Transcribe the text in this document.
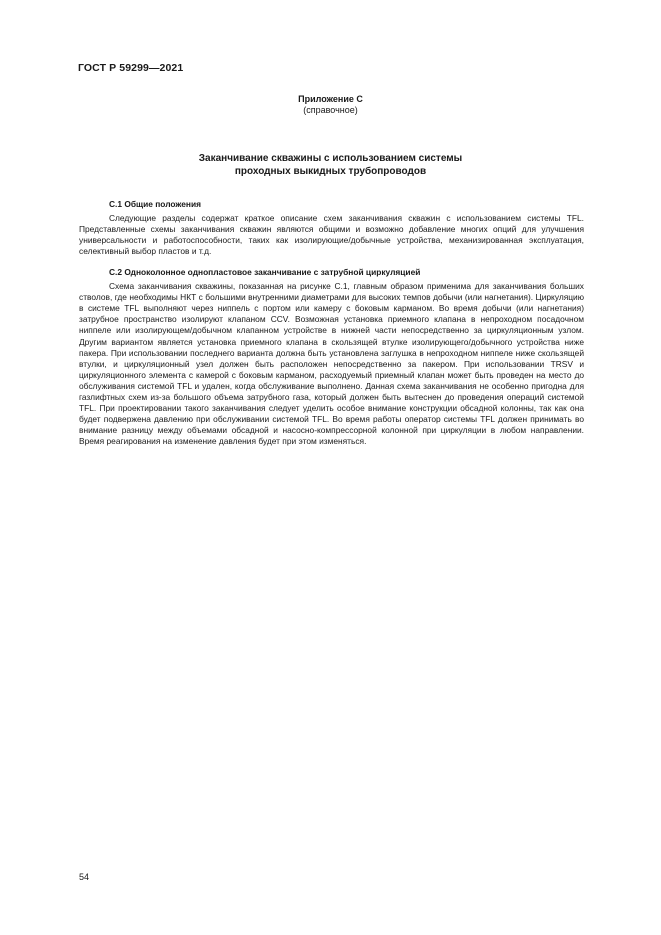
ГОСТ Р 59299—2021
Приложение С
(справочное)
Заканчивание скважины с использованием системы
проходных выкидных трубопроводов
С.1 Общие положения

Следующие разделы содержат краткое описание схем заканчивания скважин с использованием системы TFL. Представленные схемы заканчивания скважин являются общими и возможно добавление многих опций для улучшения универсальности и работоспособности, таких как изолирующие/добычные устройства, механизированная эксплуатация, селективный выбор пластов и т.д.

С.2 Одноколонное однопластовое заканчивание с затрубной циркуляцией

Схема заканчивания скважины, показанная на рисунке С.1, главным образом применима для заканчивания больших стволов, где необходимы НКТ с большими внутренними диаметрами для высоких темпов добычи (или нагнетания). Циркуляцию в системе TFL выполняют через ниппель с портом или камеру с боковым карманом. Во время добычи (или нагнетания) затрубное пространство изолируют клапаном CCV. Возможная установка приемного клапана в непроходном посадочном ниппеле или изолирующем/добычном клапанном устройстве в нижней части непосредственно за циркуляционным узлом. Другим вариантом является установка приемного клапана в скользящей втулке изолирующего/добычного устройства ниже пакера. При использовании последнего варианта должна быть установлена заглушка в непроходном ниппеле ниже скользящей втулки, и циркуляционный узел должен быть расположен непосредственно за пакером. При использовании TRSV и циркуляционного элемента с камерой с боковым карманом, расходуемый приемный клапан может быть проведен на место до обслуживания системой TFL и удален, когда обслуживание выполнено. Данная схема заканчивания не особенно пригодна для газлифтных схем из-за большого объема затрубного газа, который должен быть вытеснен до проведения операций системой TFL. При проектировании такого заканчивания следует уделить особое внимание конструкции обсадной колонны, так как она будет подвержена давлению при обслуживании системой TFL. Во время работы оператор системы TFL должен принимать во внимание разницу между объемами обсадной и насосно-компрессорной колонной при циркуляции в любом направлении. Время реагирования на изменение давления будет при этом изменяться.

54
